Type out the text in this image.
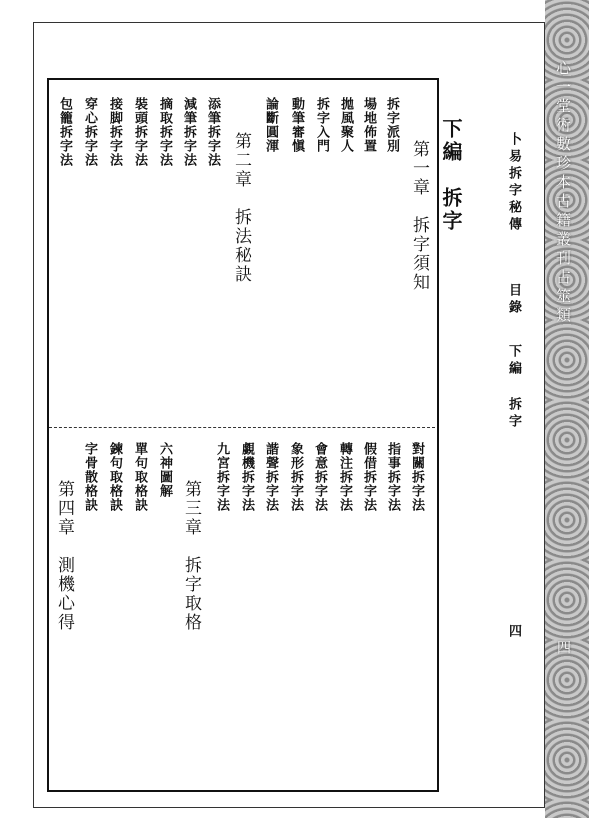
卜易拆字秘傳
目錄
下編
拆字
四
下編　拆字
第一章　拆字須知
拆字派別
場地佈置
拋風聚人
拆字入門
動筆審愼
論斷圓渾
第二章　拆法秘訣
添筆拆字法
減筆拆字法
摘取拆字法
裝頭拆字法
接脚拆字法
穿心拆字法
包籠拆字法
對關拆字法
指事拆字法
假借拆字法
轉注拆字法
會意拆字法
象形拆字法
諧聲拆字法
覷機拆字法
九宮拆字法
第三章　拆字取格
六神圖解
單句取格訣
鍊句取格訣
字骨散格訣
第四章　測機心得
心一堂術數珍本古籍叢刊占筮類
四
